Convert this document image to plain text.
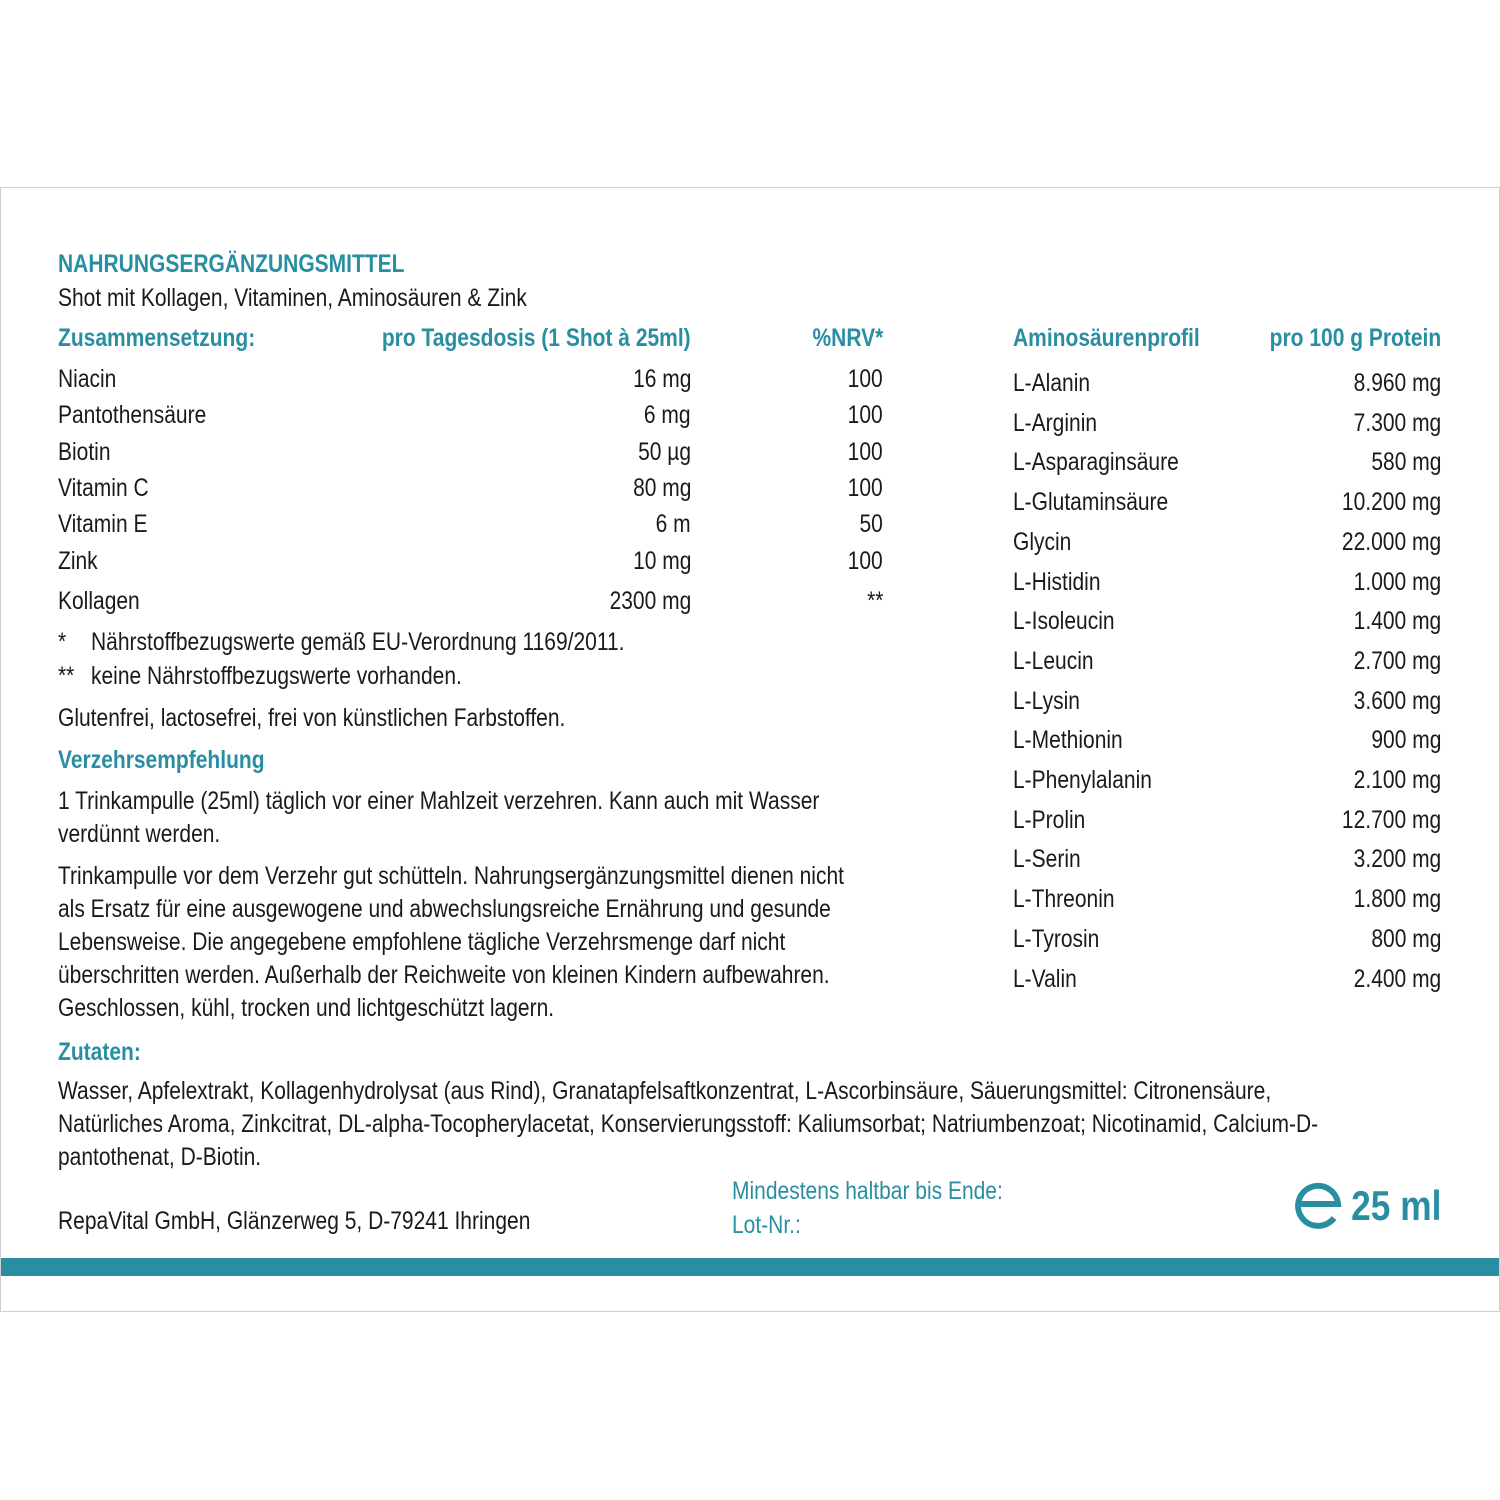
NAHRUNGSERGÄNZUNGSMITTEL
Shot mit Kollagen, Vitaminen, Aminosäuren & Zink
Zusammensetzung:	pro Tagesdosis (1 Shot à 25ml)	%NRV*
Niacin	16 mg	100
Pantothensäure	6 mg	100
Biotin	50 µg	100
Vitamin C	80 mg	100
Vitamin E	6 m	50
Zink	10 mg	100
Kollagen	2300 mg	**
* Nährstoffbezugswerte gemäß EU-Verordnung 1169/2011.
** keine Nährstoffbezugswerte vorhanden.
Glutenfrei, lactosefrei, frei von künstlichen Farbstoffen.
Verzehrsempfehlung
1 Trinkampulle (25ml) täglich vor einer Mahlzeit verzehren. Kann auch mit Wasser verdünnt werden.
Trinkampulle vor dem Verzehr gut schütteln. Nahrungsergänzungsmittel dienen nicht als Ersatz für eine ausgewogene und abwechslungsreiche Ernährung und gesunde Lebensweise. Die angegebene empfohlene tägliche Verzehrsmenge darf nicht überschritten werden. Außerhalb der Reichweite von kleinen Kindern aufbewahren. Geschlossen, kühl, trocken und lichtgeschützt lagern.
Aminosäurenprofil	pro 100 g Protein
L-Alanin	8.960 mg
L-Arginin	7.300 mg
L-Asparaginsäure	580 mg
L-Glutaminsäure	10.200 mg
Glycin	22.000 mg
L-Histidin	1.000 mg
L-Isoleucin	1.400 mg
L-Leucin	2.700 mg
L-Lysin	3.600 mg
L-Methionin	900 mg
L-Phenylalanin	2.100 mg
L-Prolin	12.700 mg
L-Serin	3.200 mg
L-Threonin	1.800 mg
L-Tyrosin	800 mg
L-Valin	2.400 mg
Zutaten:
Wasser, Apfelextrakt, Kollagenhydrolysat (aus Rind), Granatapfelsaftkonzentrat, L-Ascorbinsäure, Säuerungsmittel: Citronensäure, Natürliches Aroma, Zinkcitrat, DL-alpha-Tocopherylacetat, Konservierungsstoff: Kaliumsorbat; Natriumbenzoat; Nicotinamid, Calcium-D-pantothenat, D-Biotin.
RepaVital GmbH, Glänzerweg 5, D-79241 Ihringen
Mindestens haltbar bis Ende:
Lot-Nr.:	25 ml
